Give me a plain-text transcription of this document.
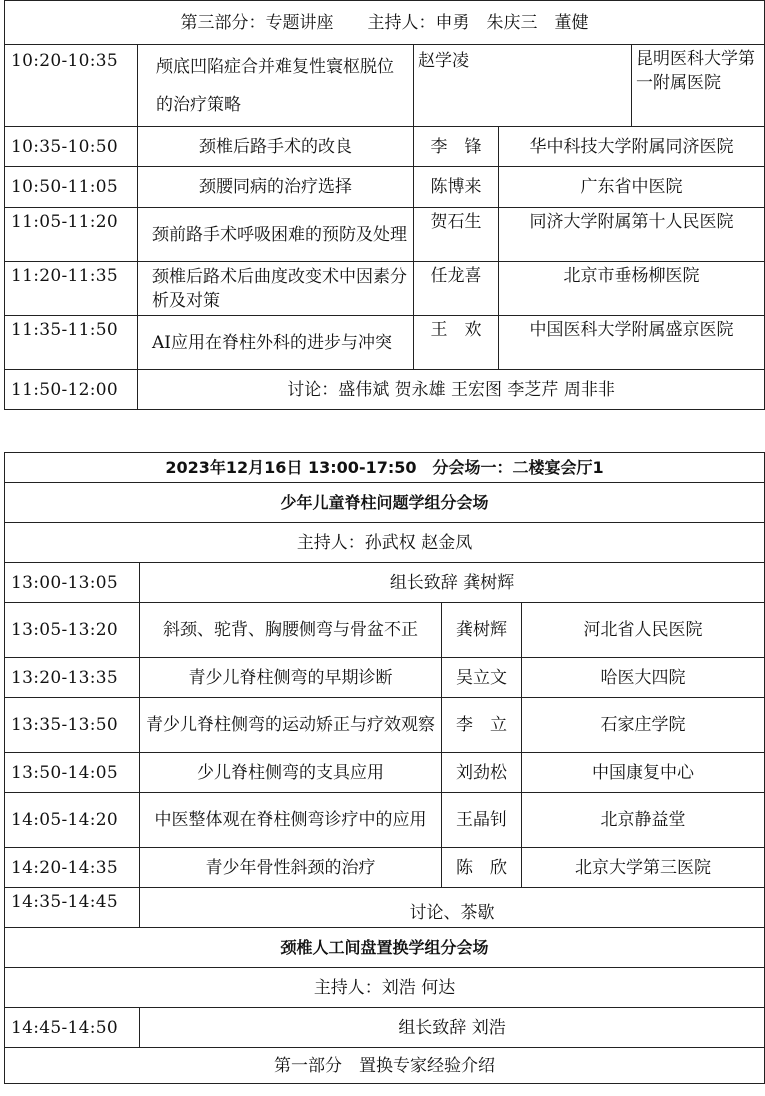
第三部分：专题讲座　　主持人：申勇　朱庆三　董健				
10:20-10:35	颅底凹陷症合并难复性寰枢脱位的治疗策略	赵学凌		昆明医科大学第一附属医院
10:35-10:50	颈椎后路手术的改良	李　锋	华中科技大学附属同济医院	
10:50-11:05	颈腰同病的治疗选择	陈博来	广东省中医院	
11:05-11:20	颈前路手术呼吸困难的预防及处理	贺石生	同济大学附属第十人民医院	
11:20-11:35	颈椎后路术后曲度改变术中因素分析及对策	任龙喜	北京市垂杨柳医院	
11:35-11:50	AI应用在脊柱外科的进步与冲突	王　欢	中国医科大学附属盛京医院	
11:50-12:00	讨论：盛伟斌 贺永雄 王宏图 李芝芹 周非非			
2023年12月16日 13:00-17:50　分会场一：二楼宴会厅1			
少年儿童脊柱问题学组分会场			
主持人：孙武权 赵金凤			
13:00-13:05	组长致辞 龚树辉		
13:05-13:20	斜颈、驼背、胸腰侧弯与骨盆不正	龚树辉	河北省人民医院
13:20-13:35	青少儿脊柱侧弯的早期诊断	吴立文	哈医大四院
13:35-13:50	青少儿脊柱侧弯的运动矫正与疗效观察	李　立	石家庄学院
13:50-14:05	少儿脊柱侧弯的支具应用	刘劲松	中国康复中心
14:05-14:20	中医整体观在脊柱侧弯诊疗中的应用	王晶钊	北京静益堂
14:20-14:35	青少年骨性斜颈的治疗	陈　欣	北京大学第三医院
14:35-14:45	讨论、茶歇		
颈椎人工间盘置换学组分会场			
主持人：刘浩 何达			
14:45-14:50	组长致辞 刘浩		
第一部分　置换专家经验介绍			
